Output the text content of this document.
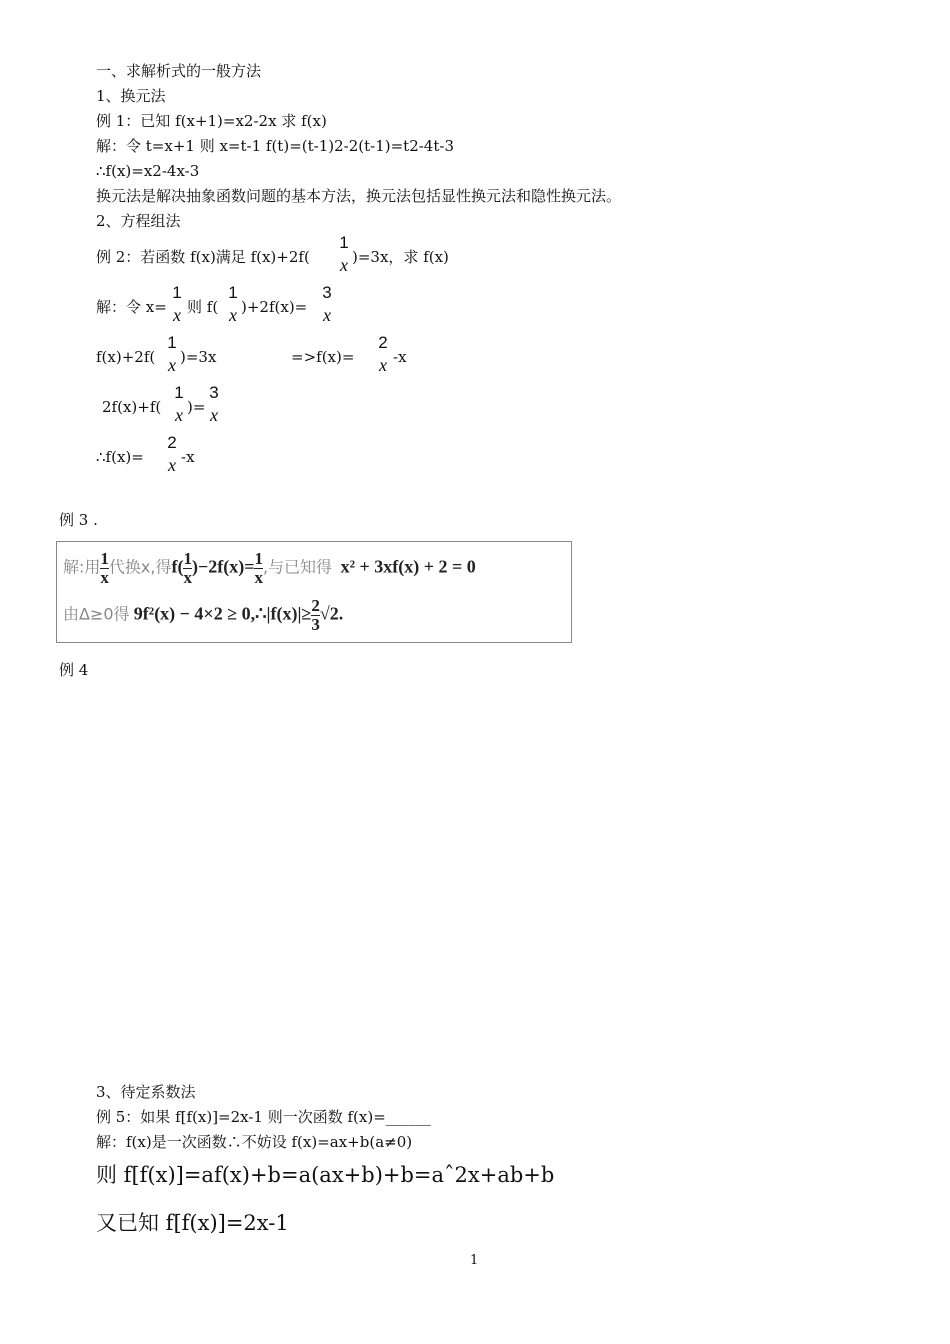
一、求解析式的一般方法
1、换元法
例 1：已知 f(x+1)=x2-2x 求 f(x)
解：令 t=x+1 则 x=t-1 f(t)=(t-1)2-2(t-1)=t2-4t-3
∴f(x)=x2-4x-3
换元法是解决抽象函数问题的基本方法，换元法包括显性换元法和隐性换元法。
2、方程组法
例 2：若函数 f(x)满足 f(x)+2f(
1
x )=3x，求 f(x)
解：令 x=
1
x 则 f(
1
x )+2f(x)=
3
x
f(x)+2f(
1
x )=3x	=>f(x)=
2
x -x
2f(x)+f(
1
x )=
3
x
∴f(x)=
2
x -x
例 3 .
解:用 $\frac{1}{x}$ 代换x,得$f( \frac{1}{x} )-2f(x)= \frac{1}{x}$ ,与已知得 x² + 3xf(x) + 2 = 0
由Δ≥0得 9f²(x) − 4×2 ≥ 0,∴|f(x)|≥ $\frac{2}{3} √2$.
例 4
3、待定系数法
例 5：如果 f[f(x)]=2x-1 则一次函数 f(x)=______
解：f(x)是一次函数∴不妨设 f(x)=ax+b(a≠0)
则 f[f(x)]=af(x)+b=a(ax+b)+b=aˆ2x+ab+b
又已知 f[f(x)]=2x-1
1
